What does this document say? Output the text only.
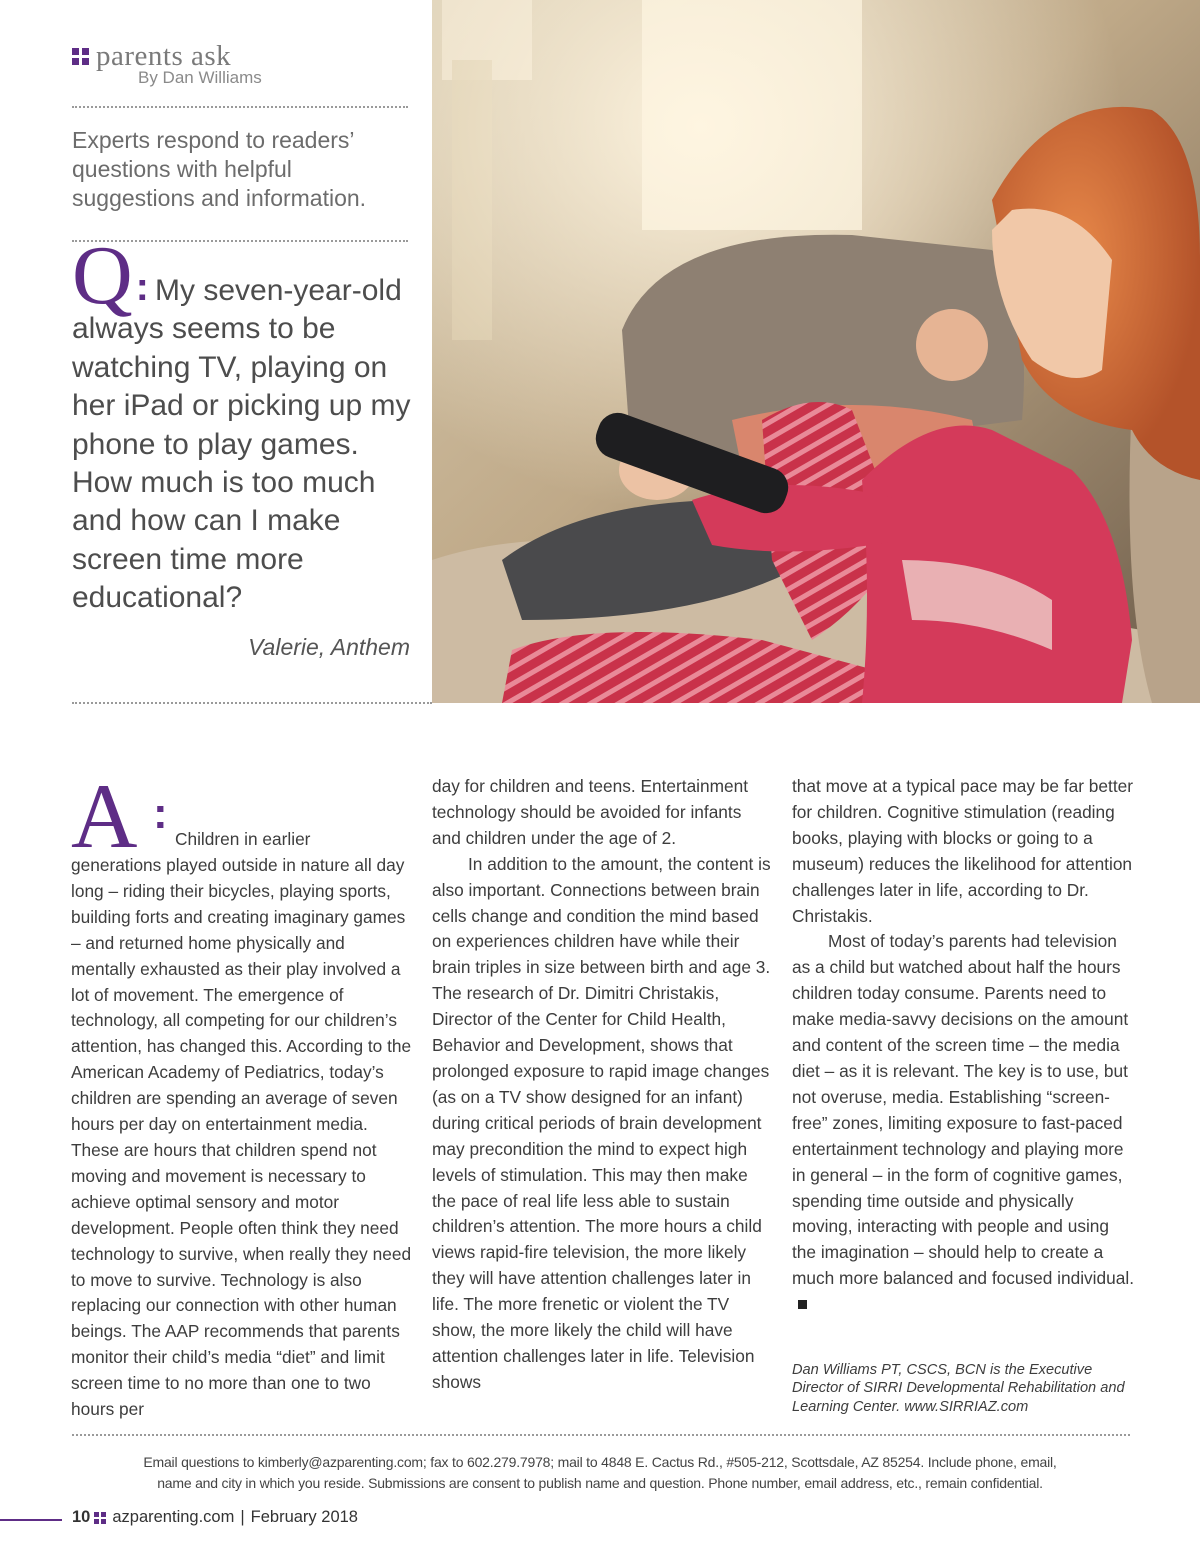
parents ask
By Dan Williams
Experts respond to readers’ questions with helpful suggestions and information.
Q: My seven-year-old always seems to be watching TV, playing on her iPad or picking up my phone to play games. How much is too much and how can I make screen time more educational?
Valerie, Anthem
A :
Children in earlier

generations played outside in nature all day long – riding their bicycles, playing sports, building forts and creating imaginary games – and returned home physically and mentally exhausted as their play involved a lot of movement. The emergence of technology, all competing for our children’s attention, has changed this. According to the American Academy of Pediatrics, today’s children are spending an average of seven hours per day on entertainment media. These are hours that children spend not moving and movement is necessary to achieve optimal sensory and motor development. People often think they need technology to survive, when really they need to move to survive. Technology is also replacing our connection with other human beings. The AAP recommends that parents monitor their child’s media “diet” and limit screen time to no more than one to two hours per

day for children and teens. Entertainment technology should be avoided for infants and children under the age of 2.

In addition to the amount, the content is also important. Connections between brain cells change and condition the mind based on experiences children have while their brain triples in size between birth and age 3. The research of Dr. Dimitri Christakis, Director of the Center for Child Health, Behavior and Development, shows that prolonged exposure to rapid image changes (as on a TV show designed for an infant) during critical periods of brain development may precondition the mind to expect high levels of stimulation. This may then make the pace of real life less able to sustain children’s attention. The more hours a child views rapid-fire television, the more likely they will have attention challenges later in life. The more frenetic or violent the TV show, the more likely the child will have attention challenges later in life. Television shows

that move at a typical pace may be far better for children. Cognitive stimulation (reading books, playing with blocks or going to a museum) reduces the likelihood for attention challenges later in life, according to Dr. Christakis.

Most of today’s parents had television as a child but watched about half the hours children today consume. Parents need to make media-savvy decisions on the amount and content of the screen time – the media diet – as it is relevant. The key is to use, but not overuse, media. Establishing “screen-free” zones, limiting exposure to fast-paced entertainment technology and playing more in general – in the form of cognitive games, spending time outside and physically moving, interacting with people and using the imagination – should help to create a much more balanced and focused individual.

Dan Williams PT, CSCS, BCN is the Executive Director of SIRRI Developmental Rehabilitation and Learning Center. www.SIRRIAZ.com
Email questions to kimberly@azparenting.com; fax to 602.279.7978; mail to 4848 E. Cactus Rd., #505-212, Scottsdale, AZ 85254. Include phone, email,
name and city in which you reside. Submissions are consent to publish name and question. Phone number, email address, etc., remain confidential.
10 azparenting.com | February 2018
